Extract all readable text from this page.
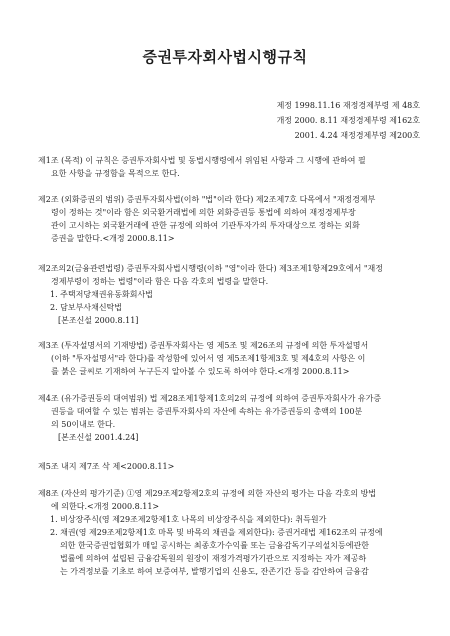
증권투자회사법시행규칙
제정 1998.11.16 재정경제부령 제 48호
개정 2000. 8.11 재정경제부령 제162호
2001. 4.24 재정경제부령 제200호
제1조 (목적) 이 규칙은 증권투자회사법 및 동법시행령에서 위임된 사항과 그 시행에 관하여 필
요한 사항을 규정함을 목적으로 한다.
제2조 (외화증권의 범위) 증권투자회사법(이하 "법"이라 한다) 제2조제7호 다목에서 "재정경제부
령이 정하는 것"이라 함은 외국환거래법에 의한 외화증권등 통법에 의하여 재정경제부장
관이 고시하는 외국환거래에 관한 규정에 의하여 기관투자가의 투자대상으로 정하는 외화
증권을 말한다.<개정 2000.8.11>
제2조의2(금융관련법령) 증권투자회사법시행령(이하 "영"이라 한다) 제3조제1항제29호에서 "재정
경제부령이 정하는 법령"이라 함은 다음 각호의 법령을 말한다.
1. 주택저당채권유동화회사법
2. 담보부사채신탁법
[본조신설 2000.8.11]
제3조 (투자설명서의 기재방법) 증권투자회사는 영 제5조 및 제26조의 규정에 의한 투자설명서
(이하 "투자설명서"라 한다)를 작성함에 있어서 영 제5조제1항제3호 및 제4호의 사항은 이
를 붉은 글씨로 기재하여 누구든지 알아볼 수 있도록 하여야 한다.<개정 2000.8.11>
제4조 (유가증권등의 대여범위) 법 제28조제1항제1호의2의 규정에 의하여 증권투자회사가 유가증
권등을 대여할 수 있는 범위는 증권투자회사의 자산에 속하는 유가증권등의 총액의 100분
의 50이내로 한다.
[본조신설 2001.4.24]
제5조 내지 제7조 삭 제<2000.8.11>
제8조 (자산의 평가기준) ①영 제29조제2항제2호의 규정에 의한 자산의 평가는 다음 각호의 방법
에 의한다.<개정 2000.8.11>
1. 비상장주식(영 제29조제2항제1호 나목의 비상장주식을 제외한다): 취득원가
2. 채권(영 제29조제2항제1호 마목 및 바목의 채권을 제외한다): 증권거래법 제162조의 규정에
의한 한국증권업협회가 매일 공시하는 최종호가수익률 또는 금융감독기구의설치등에관한
법률에 의하여 설립된 금융감독원의 원장이 재정가격평가기관으로 지정하는 자가 제공하
는 가격정보를 기초로 하여 보증여부, 발행기업의 신용도, 잔존기간 등을 감안하여 금융감
